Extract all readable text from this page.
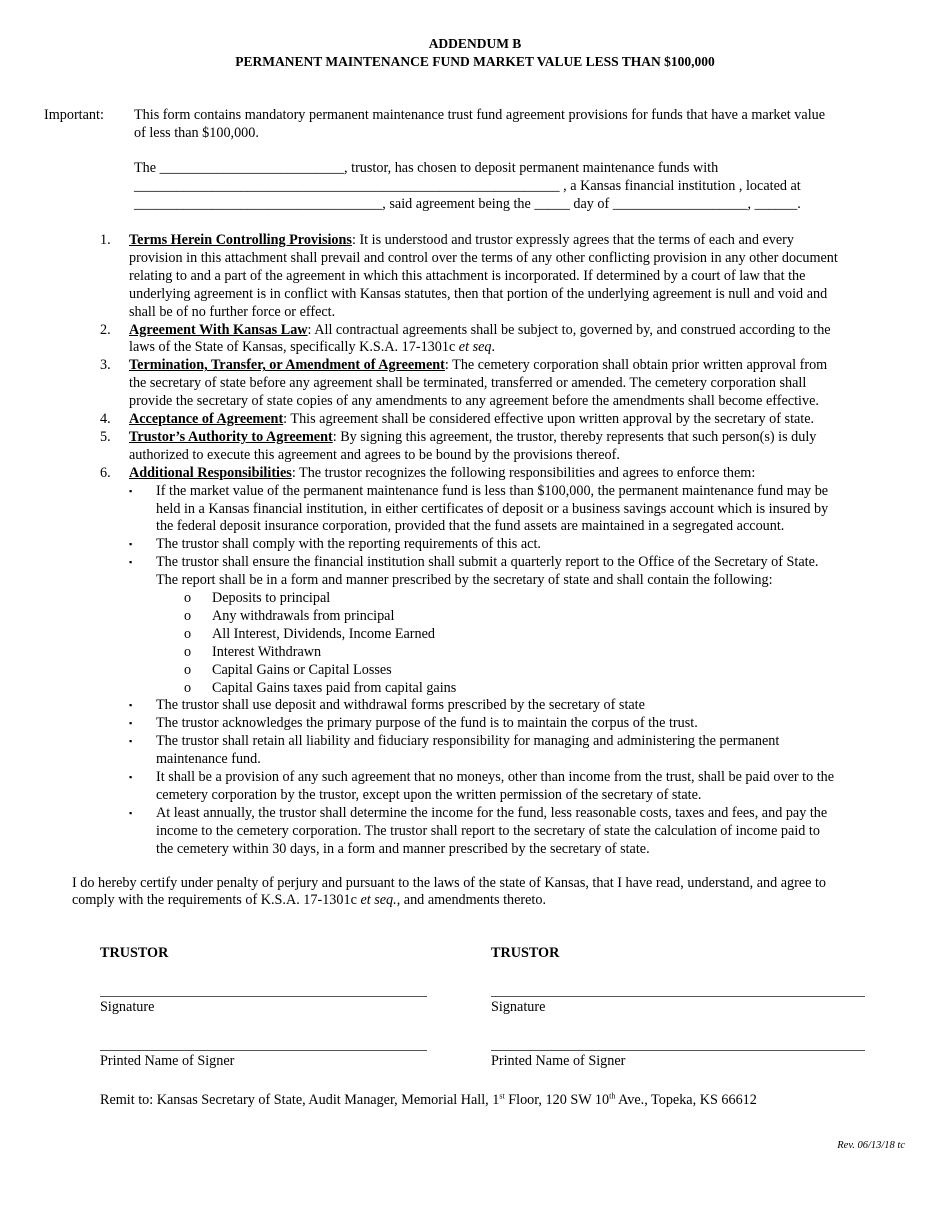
ADDENDUM B
PERMANENT MAINTENANCE FUND MARKET VALUE LESS THAN $100,000
Important: This form contains mandatory permanent maintenance trust fund agreement provisions for funds that have a market value
of less than $100,000.
The __________________________, trustor, has chosen to deposit permanent maintenance funds with
____________________________________________________________ , a Kansas financial institution , located at
___________________________________, said agreement being the _____ day of ___________________, ______.
1. Terms Herein Controlling Provisions: It is understood and trustor expressly agrees that the terms of each and every
provision in this attachment shall prevail and control over the terms of any other conflicting provision in any other document
relating to and a part of the agreement in which this attachment is incorporated. If determined by a court of law that the
underlying agreement is in conflict with Kansas statutes, then that portion of the underlying agreement is null and void and
shall be of no further force or effect.
2. Agreement With Kansas Law: All contractual agreements shall be subject to, governed by, and construed according to the
laws of the State of Kansas, specifically K.S.A. 17-1301c et seq.
3. Termination, Transfer, or Amendment of Agreement: The cemetery corporation shall obtain prior written approval from
the secretary of state before any agreement shall be terminated, transferred or amended. The cemetery corporation shall
provide the secretary of state copies of any amendments to any agreement before the amendments shall become effective.
4. Acceptance of Agreement: This agreement shall be considered effective upon written approval by the secretary of state.
5. Trustor’s Authority to Agreement: By signing this agreement, the trustor, thereby represents that such person(s) is duly
authorized to execute this agreement and agrees to be bound by the provisions thereof.
6. Additional Responsibilities: The trustor recognizes the following responsibilities and agrees to enforce them:
▪ If the market value of the permanent maintenance fund is less than $100,000, the permanent maintenance fund may be
held in a Kansas financial institution, in either certificates of deposit or a business savings account which is insured by
the federal deposit insurance corporation, provided that the fund assets are maintained in a segregated account.
▪ The trustor shall comply with the reporting requirements of this act.
▪ The trustor shall ensure the financial institution shall submit a quarterly report to the Office of the Secretary of State.
The report shall be in a form and manner prescribed by the secretary of state and shall contain the following:
o Deposits to principal
o Any withdrawals from principal
o All Interest, Dividends, Income Earned
o Interest Withdrawn
o Capital Gains or Capital Losses
o Capital Gains taxes paid from capital gains
▪ The trustor shall use deposit and withdrawal forms prescribed by the secretary of state
▪ The trustor acknowledges the primary purpose of the fund is to maintain the corpus of the trust.
▪ The trustor shall retain all liability and fiduciary responsibility for managing and administering the permanent
maintenance fund.
▪ It shall be a provision of any such agreement that no moneys, other than income from the trust, shall be paid over to the
cemetery corporation by the trustor, except upon the written permission of the secretary of state.
▪ At least annually, the trustor shall determine the income for the fund, less reasonable costs, taxes and fees, and pay the
income to the cemetery corporation. The trustor shall report to the secretary of state the calculation of income paid to
the cemetery within 30 days, in a form and manner prescribed by the secretary of state.
I do hereby certify under penalty of perjury and pursuant to the laws of the state of Kansas, that I have read, understand, and agree to
comply with the requirements of K.S.A. 17-1301c et seq., and amendments thereto.
TRUSTOR	TRUSTOR
Signature	Signature
Printed Name of Signer	Printed Name of Signer
Remit to: Kansas Secretary of State, Audit Manager, Memorial Hall, 1st Floor, 120 SW 10th Ave., Topeka, KS 66612
Rev. 06/13/18 tc
